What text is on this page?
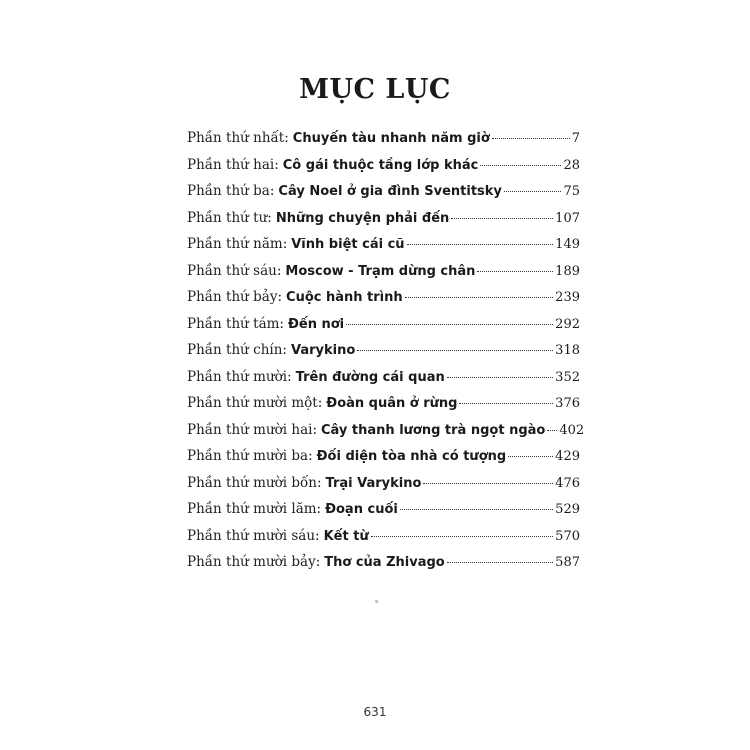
MỤC LỤC
Phần thứ nhất : Chuyến tàu nhanh năm giờ	7
Phần thứ hai : Cô gái thuộc tầng lớp khác	28
Phần thứ ba : Cây Noel ở gia đình Sventitsky	75
Phần thứ tư : Những chuyện phải đến	107
Phần thứ năm : Vĩnh biệt cái cũ	149
Phần thứ sáu : Moscow - Trạm dừng chân	189
Phần thứ bảy : Cuộc hành trình	239
Phần thứ tám : Đến nơi	292
Phần thứ chín : Varykino	318
Phần thứ mười : Trên đường cái quan	352
Phần thứ mười một : Đoàn quân ở rừng	376
Phần thứ mười hai : Cây thanh lương trà ngọt ngào 402
Phần thứ mười ba : Đối diện tòa nhà có tượng	429
Phần thứ mười bốn : Trại Varykino	476
Phần thứ mười lăm : Đoạn cuối	529
Phần thứ mười sáu : Kết từ	570
Phần thứ mười bảy : Thơ của Zhivago	587
631
